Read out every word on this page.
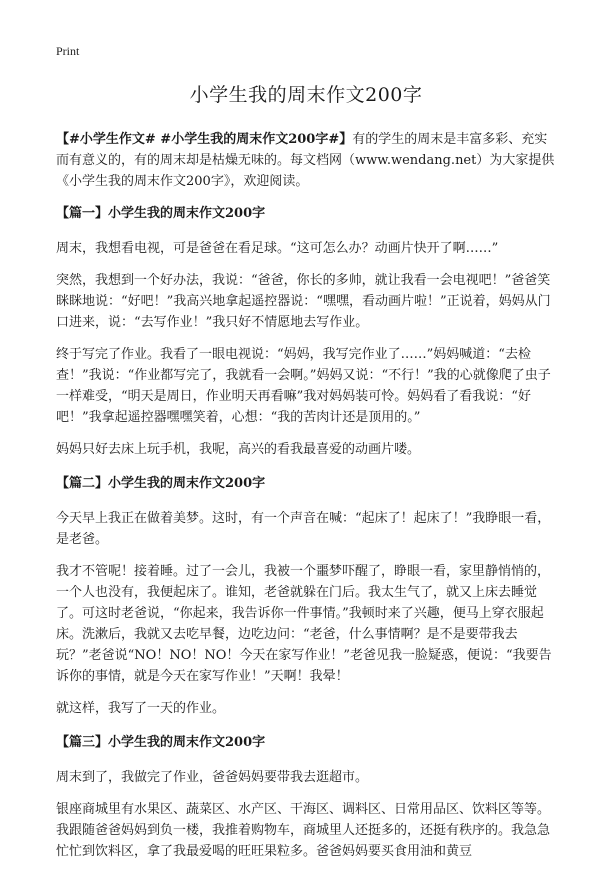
Print
小学生我的周末作文200字

【#小学生作文# #小学生我的周末作文200字#】有的学生的周末是丰富多彩、充实而有意义的，有的周末却是枯燥无味的。每文档网（www.wendang.net）为大家提供《小学生我的周末作文200字》，欢迎阅读。

【篇一】小学生我的周末作文200字

周末，我想看电视，可是爸爸在看足球。“这可怎么办？动画片快开了啊……”

突然，我想到一个好办法，我说：“爸爸，你长的多帅，就让我看一会电视吧！”爸爸笑眯眯地说：“好吧！”我高兴地拿起遥控器说：“嘿嘿，看动画片啦！”正说着，妈妈从门口进来，说：“去写作业！”我只好不情愿地去写作业。

终于写完了作业。我看了一眼电视说：“妈妈，我写完作业了……”妈妈喊道：“去检查！”我说：“作业都写完了，我就看一会啊。”妈妈又说：“不行！”我的心就像爬了虫子一样难受，“明天是周日，作业明天再看嘛”我对妈妈装可怜。妈妈看了看我说：“好吧！”我拿起遥控器嘿嘿笑着，心想：“我的苦肉计还是顶用的。”

妈妈只好去床上玩手机，我呢，高兴的看我最喜爱的动画片喽。

【篇二】小学生我的周末作文200字

今天早上我正在做着美梦。这时，有一个声音在喊：“起床了！起床了！”我睁眼一看，是老爸。

我才不管呢！接着睡。过了一会儿，我被一个噩梦吓醒了，睁眼一看，家里静悄悄的，一个人也没有，我便起床了。谁知，老爸就躲在门后。我太生气了，就又上床去睡觉了。可这时老爸说，“你起来，我告诉你一件事情。”我顿时来了兴趣，便马上穿衣服起床。洗漱后，我就又去吃早餐，边吃边问：“老爸，什么事情啊？是不是要带我去玩？”老爸说“NO！NO！NO！今天在家写作业！”老爸见我一脸疑惑，便说：“我要告诉你的事情，就是今天在家写作业！”天啊！我晕！

就这样，我写了一天的作业。

【篇三】小学生我的周末作文200字

周末到了，我做完了作业，爸爸妈妈要带我去逛超市。

银座商城里有水果区、蔬菜区、水产区、干海区、调料区、日常用品区、饮料区等等。我跟随爸爸妈妈到负一楼，我推着购物车，商城里人还挺多的，还挺有秩序的。我急急忙忙到饮料区，拿了我最爱喝的旺旺果粒多。爸爸妈妈要买食用油和黄豆
